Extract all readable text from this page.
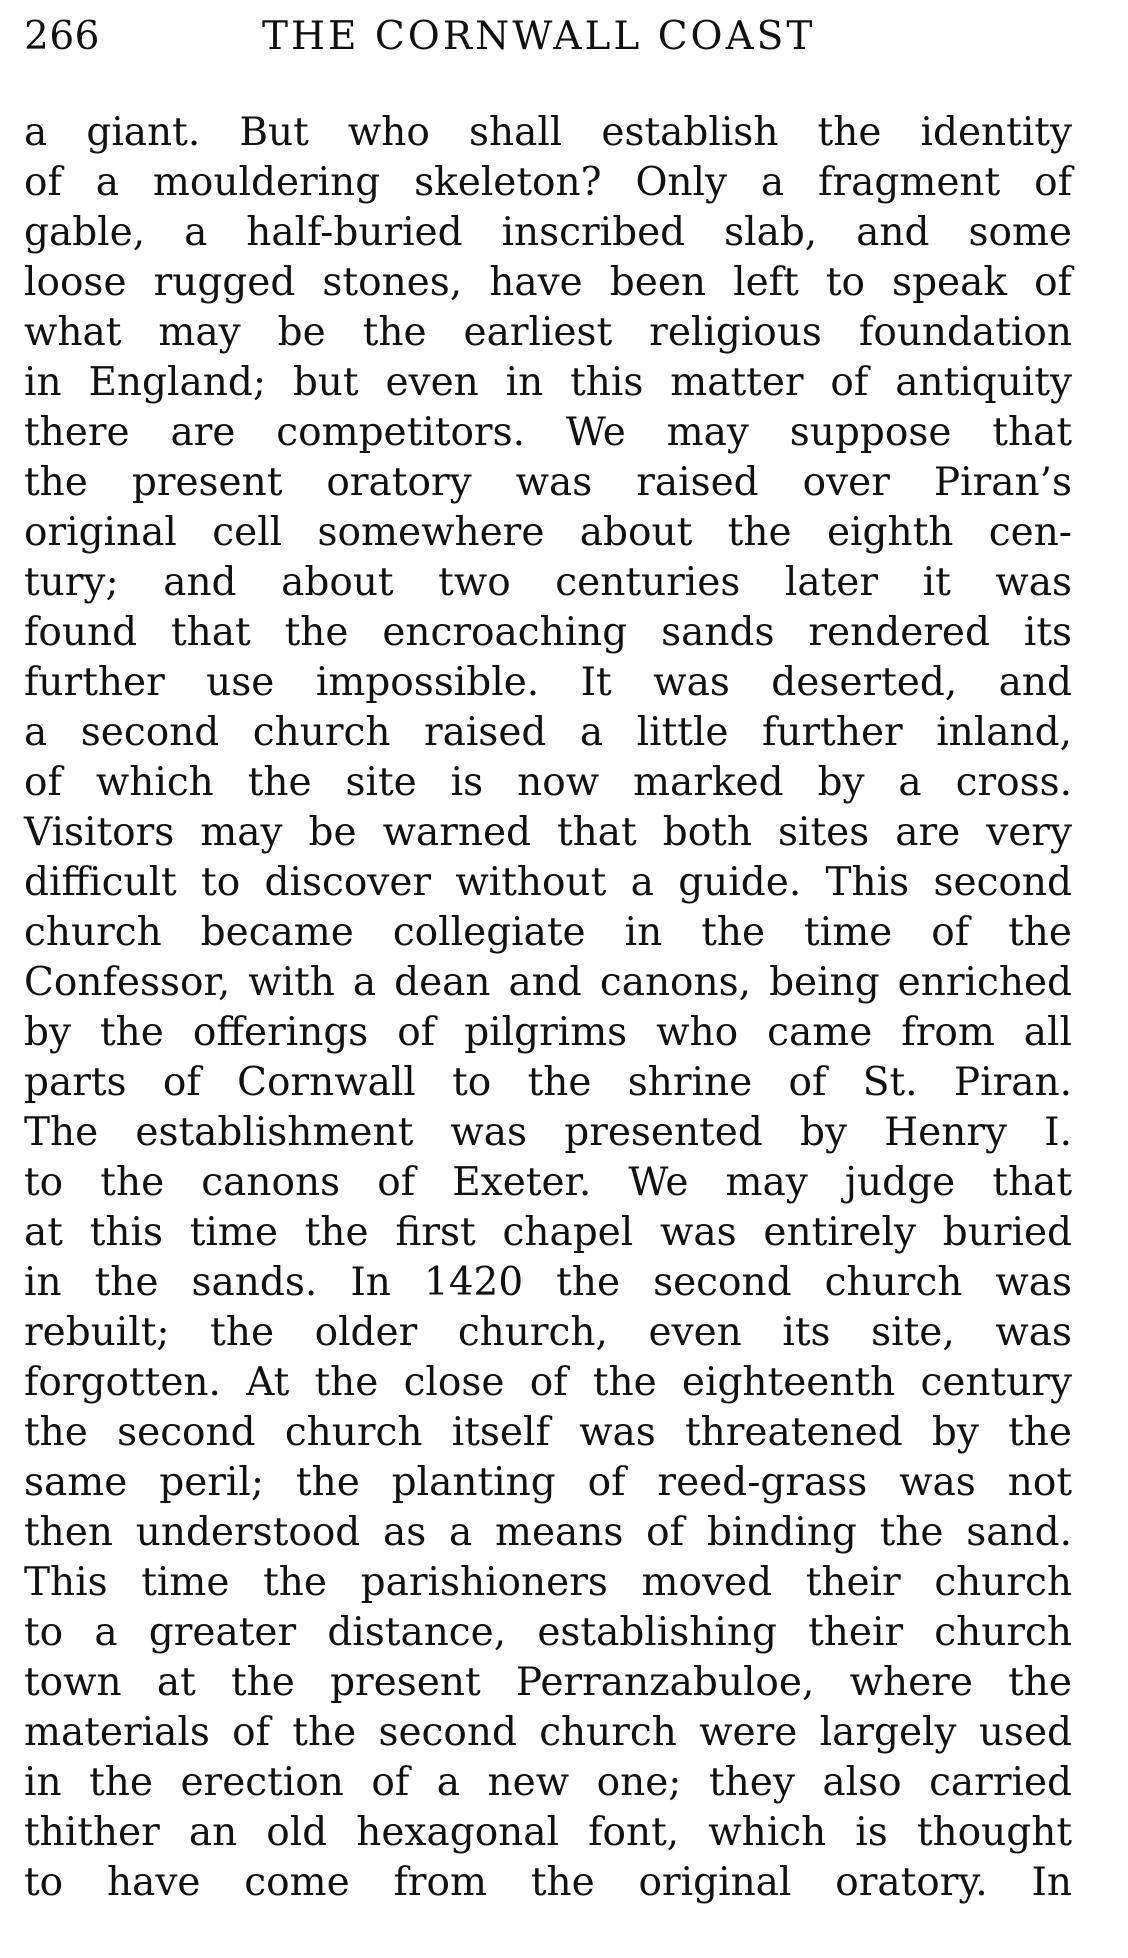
266	THE CORNWALL COAST
a giant. But who shall establish the identity
of a mouldering skeleton? Only a fragment of
gable, a half-buried inscribed slab, and some
loose rugged stones, have been left to speak of
what may be the earliest religious foundation
in England; but even in this matter of antiquity
there are competitors. We may suppose that
the present oratory was raised over Piran’s
original cell somewhere about the eighth cen-
tury; and about two centuries later it was
found that the encroaching sands rendered its
further use impossible. It was deserted, and
a second church raised a little further inland,
of which the site is now marked by a cross.
Visitors may be warned that both sites are very
difficult to discover without a guide. This second
church became collegiate in the time of the
Confessor, with a dean and canons, being enriched
by the offerings of pilgrims who came from all
parts of Cornwall to the shrine of St. Piran.
The establishment was presented by Henry I.
to the canons of Exeter. We may judge that
at this time the first chapel was entirely buried
in the sands. In 1420 the second church was
rebuilt; the older church, even its site, was
forgotten. At the close of the eighteenth century
the second church itself was threatened by the
same peril; the planting of reed-grass was not
then understood as a means of binding the sand.
This time the parishioners moved their church
to a greater distance, establishing their church
town at the present Perranzabuloe, where the
materials of the second church were largely used
in the erection of a new one; they also carried
thither an old hexagonal font, which is thought
to have come from the original oratory. In
